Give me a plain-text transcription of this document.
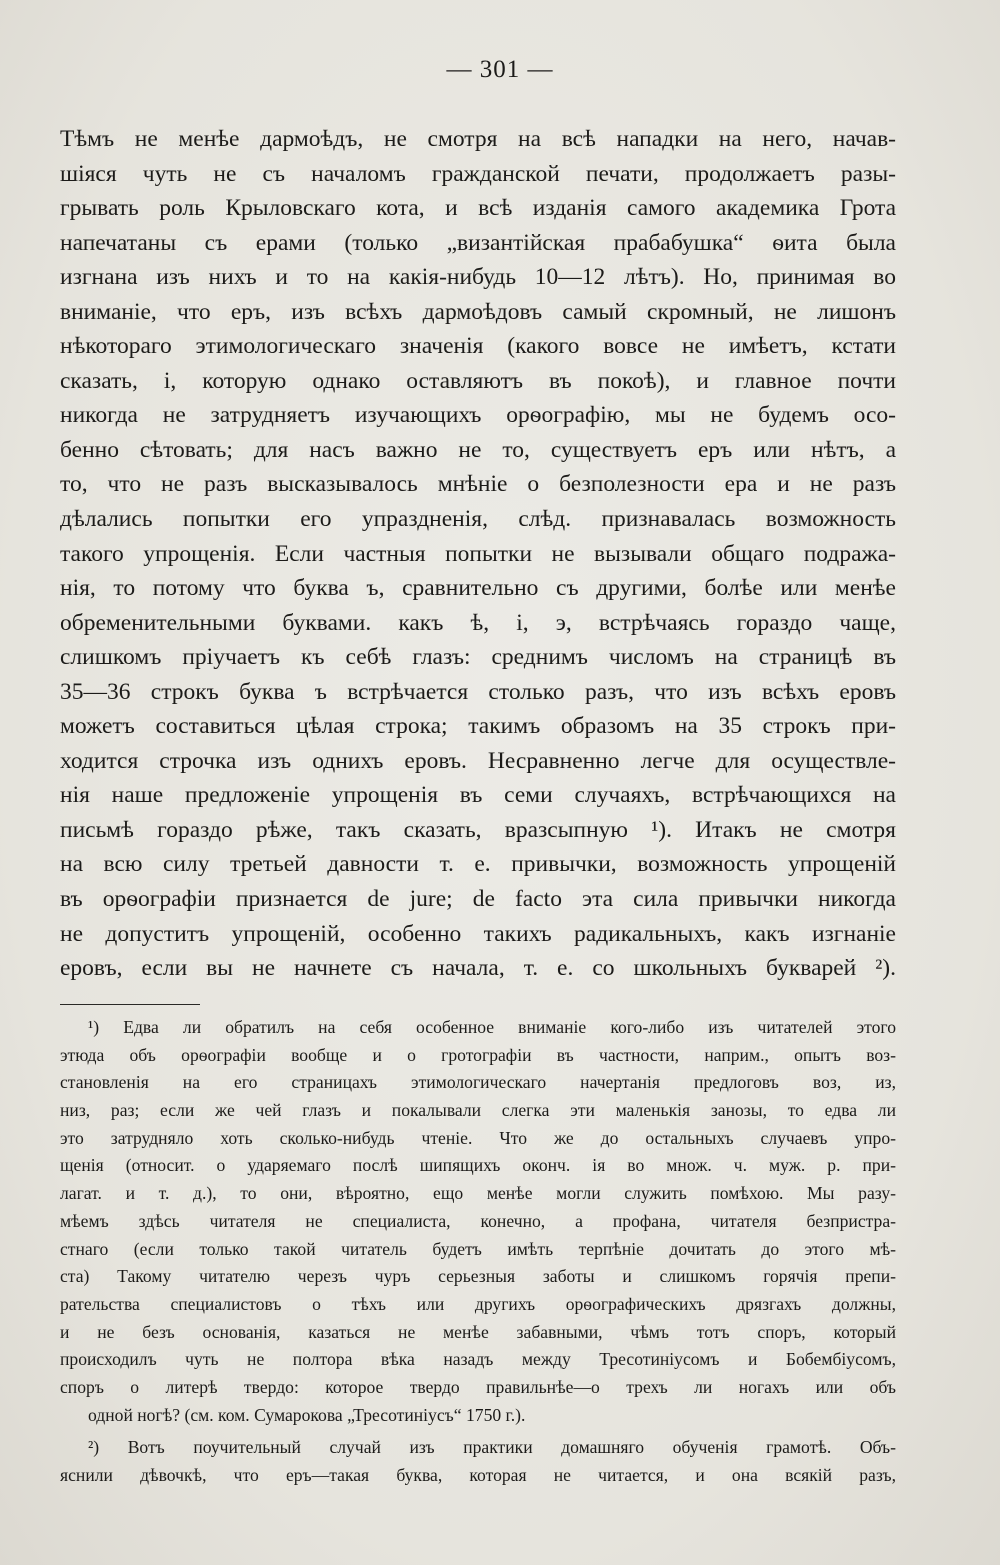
— 301 —
Тѣмъ не менѣе дармоѣдъ, не смотря на всѣ нападки на него, начав-
шіяся чуть не съ началомъ гражданской печати, продолжаетъ разы-
грывать роль Крыловскаго кота, и всѣ изданія самого академика Грота
напечатаны съ ерами (только „византійская прабабушка“ ѳита была
изгнана изъ нихъ и то на какія-нибудь 10—12 лѣтъ). Но, принимая во
вниманіе, что еръ, изъ всѣхъ дармоѣдовъ самый скромный, не лишонъ
нѣкотораго этимологическаго значенія (какого вовсе не имѣетъ, кстати
сказать, і, которую однако оставляютъ въ покоѣ), и главное почти
никогда не затрудняетъ изучающихъ орѳографію, мы не будемъ осо-
бенно сѣтовать; для насъ важно не то, существуетъ еръ или нѣтъ, а
то, что не разъ высказывалось мнѣніе о безполезности ера и не разъ
дѣлались попытки его упраздненія, слѣд. признавалась возможность
такого упрощенія. Если частныя попытки не вызывали общаго подража-
нія, то потому что буква ъ, сравнительно съ другими, болѣе или менѣе
обременительными буквами. какъ ѣ, і, э, встрѣчаясь гораздо чаще,
слишкомъ пріучаетъ къ себѣ глазъ: среднимъ числомъ на страницѣ въ
35—36 строкъ буква ъ встрѣчается столько разъ, что изъ всѣхъ еровъ
можетъ составиться цѣлая строка; такимъ образомъ на 35 строкъ при-
ходится строчка изъ однихъ еровъ. Несравненно легче для осуществле-
нія наше предложеніе упрощенія въ семи случаяхъ, встрѣчающихся на
письмѣ гораздо рѣже, такъ сказать, вразсыпную ¹). Итакъ не смотря
на всю силу третьей давности т. е. привычки, возможность упрощеній
въ орѳографіи признается de jure; de facto эта сила привычки никогда
не допуститъ упрощеній, особенно такихъ радикальныхъ, какъ изгнаніе
еровъ, если вы не начнете съ начала, т. е. со школьныхъ букварей ²).
¹) Едва ли обратилъ на себя особенное вниманіе кого-либо изъ читателей этого
этюда объ орѳографіи вообще и о гротографіи въ частности, наприм., опытъ воз-
становленія на его страницахъ этимологическаго начертанія предлоговъ воз, из,
низ, раз; если же чей глазъ и покалывали слегка эти маленькія занозы, то едва ли
это затрудняло хоть сколько-нибудь чтеніе. Что же до остальныхъ случаевъ упро-
щенія (относит. о ударяемаго послѣ шипящихъ оконч. ія во множ. ч. муж. р. при-
лагат. и т. д.), то они, вѣроятно, ещо менѣе могли служить помѣхою. Мы разу-
мѣемъ здѣсь читателя не специалиста, конечно, а профана, читателя безпристра-
стнаго (если только такой читатель будетъ имѣть терпѣніе дочитать до этого мѣ-
ста) Такому читателю черезъ чуръ серьезныя заботы и слишкомъ горячія препи-
рательства специалистовъ о тѣхъ или другихъ орѳографическихъ дрязгахъ должны,
и не безъ основанія, казаться не менѣе забавными, чѣмъ тотъ споръ, который
происходилъ чуть не полтора вѣка назадъ между Тресотиніусомъ и Бобембіусомъ,
споръ о литерѣ твердо: которое твердо правильнѣе—о трехъ ли ногахъ или объ
одной ногѣ? (см. ком. Сумарокова „Тресотиніусъ“ 1750 г.).
²) Вотъ поучительный случай изъ практики домашняго обученія грамотѣ. Объ-
яснили дѣвочкѣ, что еръ—такая буква, которая не читается, и она всякій разъ,
